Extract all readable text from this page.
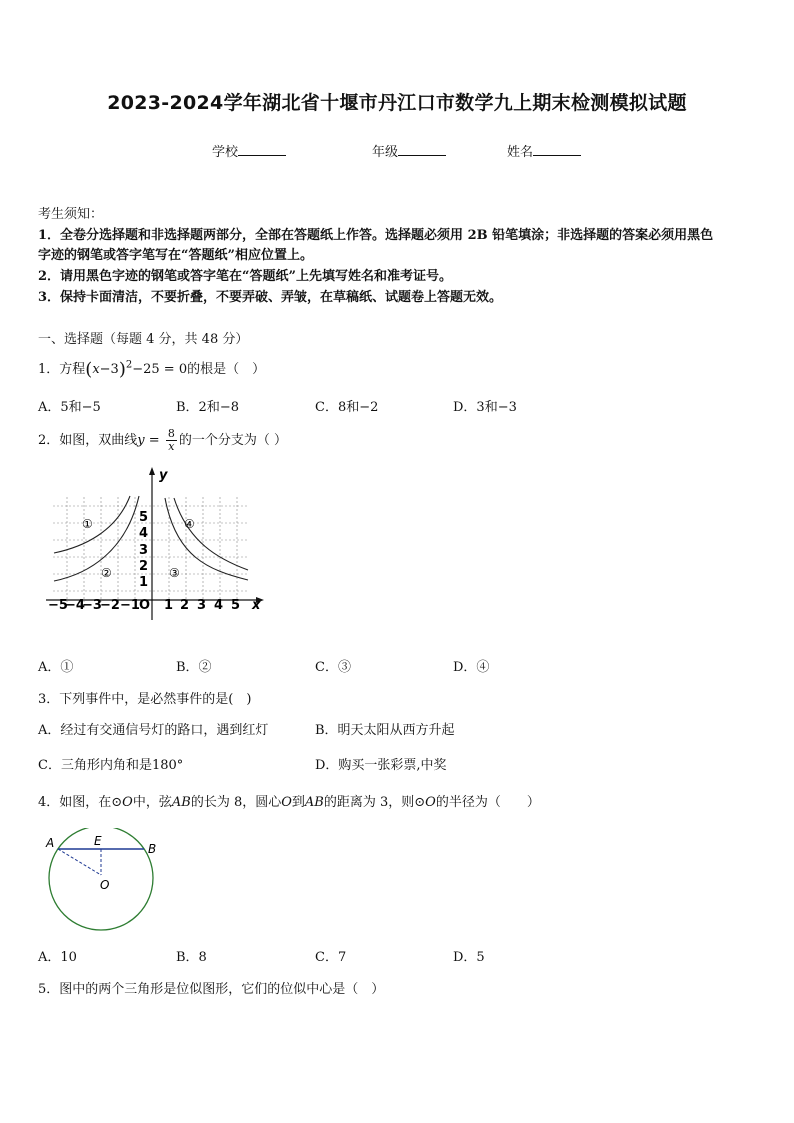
2023-2024学年湖北省十堰市丹江口市数学九上期末检测模拟试题
学校	年级	姓名
考生须知：
1．全卷分选择题和非选择题两部分，全部在答题纸上作答。选择题必须用 2B 铅笔填涂；非选择题的答案必须用黑色
字迹的钢笔或答字笔写在“答题纸”相应位置上。
2．请用黑色字迹的钢笔或答字笔在“答题纸”上先填写姓名和准考证号。
3．保持卡面清洁，不要折叠，不要弄破、弄皱，在草稿纸、试题卷上答题无效。
一、选择题（每题 4 分，共 48 分）
1．方程$(x-3)^2-25 = 0$的根是（　）
A．5和−5	B．2和−8	C．8和−2	D．3和−3
2．如图，双曲线$y = \frac{8}{x}$ 的一个分支为（ ）
y
x
O
5
4
3
2
1
1 2 3 4 5
−5
−4
−3
−2 −1
①
②	③
④
A．①	B．②	C．③	D．④
3．下列事件中，是必然事件的是(　)
A．经过有交通信号灯的路口，遇到红灯	B．明天太阳从西方升起
C．三角形内角和是180°	D．购买一张彩票,中奖
4．如图，在⊙O中，弦AB的长为 8，圆心O到AB的距离为 3，则⊙O的半径为（　　）
A	B
E
O
A．10	B．8	C．7	D．5
5．图中的两个三角形是位似图形，它们的位似中心是（　）
